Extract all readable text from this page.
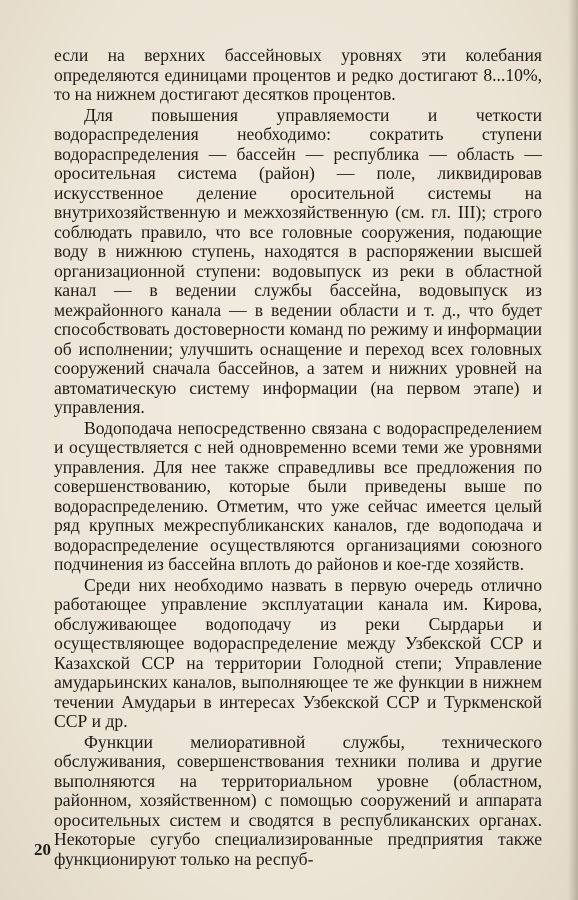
если на верхних бассейновых уровнях эти колебания определяются единицами процентов и редко достигают 8...10%, то на нижнем достигают десятков процентов.

Для повышения управляемости и четкости водораспределения необходимо: сократить ступени водораспределения — бассейн — республика — область — оросительная система (район) — поле, ликвидировав искусственное деление оросительной системы на внутрихозяйственную и межхозяйственную (см. гл. III); строго соблюдать правило, что все головные сооружения, подающие воду в нижнюю ступень, находятся в распоряжении высшей организационной ступени: водовыпуск из реки в областной канал — в ведении службы бассейна, водовыпуск из межрайонного канала — в ведении области и т. д., что будет способствовать достоверности команд по режиму и информации об исполнении; улучшить оснащение и переход всех головных сооружений сначала бассейнов, а затем и нижних уровней на автоматическую систему информации (на первом этапе) и управления.

Водоподача непосредственно связана с водораспределением и осуществляется с ней одновременно всеми теми же уровнями управления. Для нее также справедливы все предложения по совершенствованию, которые были приведены выше по водораспределению. Отметим, что уже сейчас имеется целый ряд крупных межреспубликанских каналов, где водоподача и водораспределение осуществляются организациями союзного подчинения из бассейна вплоть до районов и кое-где хозяйств.

Среди них необходимо назвать в первую очередь отлично работающее управление эксплуатации канала им. Кирова, обслуживающее водоподачу из реки Сырдарьи и осуществляющее водораспределение между Узбекской ССР и Казахской ССР на территории Голодной степи; Управление амударьинских каналов, выполняющее те же функции в нижнем течении Амударьи в интересах Узбекской ССР и Туркменской ССР и др.

Функции мелиоративной службы, технического обслуживания, совершенствования техники полива и другие выполняются на территориальном уровне (областном, районном, хозяйственном) с помощью сооружений и аппарата оросительных систем и сводятся в республиканских органах. Некоторые сугубо специализированные предприятия также функционируют только на респуб-

20
